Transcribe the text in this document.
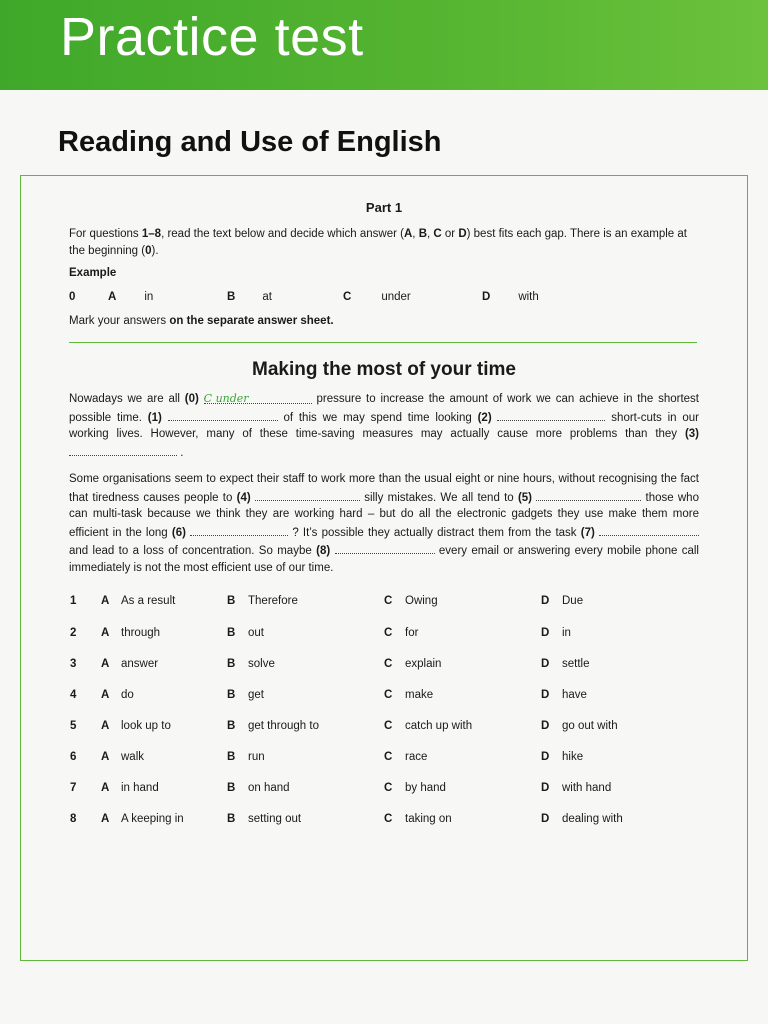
Practice test
Reading and Use of English
Part 1
For questions 1–8, read the text below and decide which answer (A, B, C or D) best fits each gap. There is an example at the beginning (0).
Example
0	A in	B at	C	under	D with
Mark your answers on the separate answer sheet.
Making the most of your time
Nowadays we are all (0) C under	pressure to increase the amount of work we can achieve in the shortest possible time. (1)	of this we may spend time looking (2)	short-cuts in our working lives. However, many of these time-saving measures may actually cause more problems than they (3)  .
Some organisations seem to expect their staff to work more than the usual eight or nine hours, without recognising the fact that tiredness causes people to (4)	silly mistakes. We all tend to (5)	those who can multi-task because we think they are working hard – but do all the electronic gadgets they use make them more efficient in the long (6)	? It’s possible they actually distract them from the task (7)  and lead to a loss of concentration. So maybe (8)	every email or answering every mobile phone call immediately is not the most efficient use of our time.
1 A As a result	B Therefore	C Owing	D Due
2 A through	B out	C for	D in
3 A answer	B solve	C explain	D settle
4 A do	B get	C make	D have
5 A look up to	B get through to	C catch up with	D go out with
6 A walk	B run	C race	D hike
7 A in hand	B on hand	C by hand	D with hand
8 A A keeping in	B setting out	C taking on	D dealing with
